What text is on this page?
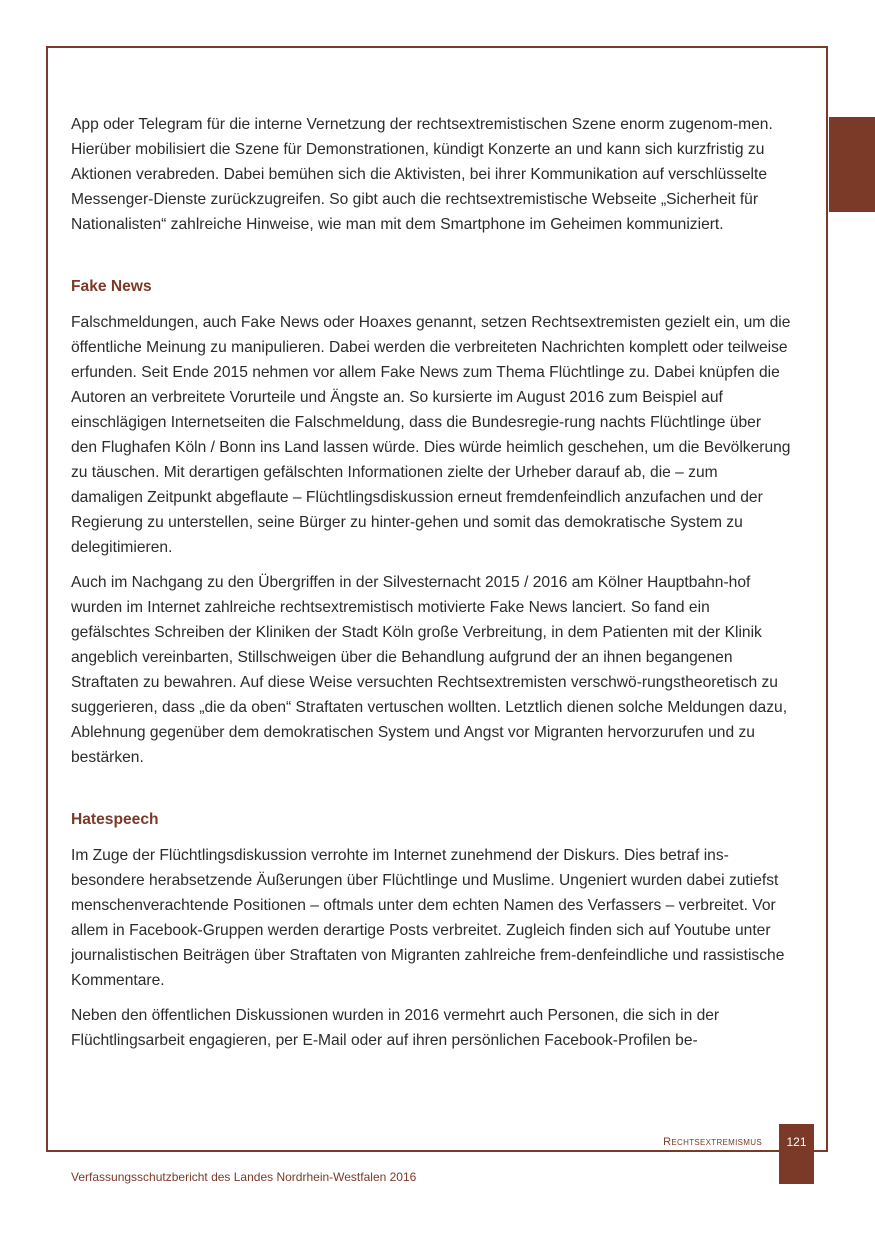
App oder Telegram für die interne Vernetzung der rechtsextremistischen Szene enorm zugenom-men. Hierüber mobilisiert die Szene für Demonstrationen, kündigt Konzerte an und kann sich kurzfristig zu Aktionen verabreden. Dabei bemühen sich die Aktivisten, bei ihrer Kommunikation auf verschlüsselte Messenger-Dienste zurückzugreifen. So gibt auch die rechtsextremistische Webseite „Sicherheit für Nationalisten“ zahlreiche Hinweise, wie man mit dem Smartphone im Geheimen kommuniziert.

Fake News

Falschmeldungen, auch Fake News oder Hoaxes genannt, setzen Rechtsextremisten gezielt ein, um die öffentliche Meinung zu manipulieren. Dabei werden die verbreiteten Nachrichten komplett oder teilweise erfunden. Seit Ende 2015 nehmen vor allem Fake News zum Thema Flüchtlinge zu. Dabei knüpfen die Autoren an verbreitete Vorurteile und Ängste an. So kursierte im August 2016 zum Beispiel auf einschlägigen Internetseiten die Falschmeldung, dass die Bundesregie-rung nachts Flüchtlinge über den Flughafen Köln / Bonn ins Land lassen würde. Dies würde heimlich geschehen, um die Bevölkerung zu täuschen. Mit derartigen gefälschten Informationen zielte der Urheber darauf ab, die – zum damaligen Zeitpunkt abgeflaute – Flüchtlingsdiskussion erneut fremdenfeindlich anzufachen und der Regierung zu unterstellen, seine Bürger zu hinter-gehen und somit das demokratische System zu delegitimieren.

Auch im Nachgang zu den Übergriffen in der Silvesternacht 2015 / 2016 am Kölner Hauptbahn-hof wurden im Internet zahlreiche rechtsextremistisch motivierte Fake News lanciert. So fand ein gefälschtes Schreiben der Kliniken der Stadt Köln große Verbreitung, in dem Patienten mit der Klinik angeblich vereinbarten, Stillschweigen über die Behandlung aufgrund der an ihnen begangenen Straftaten zu bewahren. Auf diese Weise versuchten Rechtsextremisten verschwö-rungstheoretisch zu suggerieren, dass „die da oben“ Straftaten vertuschen wollten. Letztlich dienen solche Meldungen dazu, Ablehnung gegenüber dem demokratischen System und Angst vor Migranten hervorzurufen und zu bestärken.

Hatespeech

Im Zuge der Flüchtlingsdiskussion verrohte im Internet zunehmend der Diskurs. Dies betraf ins-besondere herabsetzende Äußerungen über Flüchtlinge und Muslime. Ungeniert wurden dabei zutiefst menschenverachtende Positionen – oftmals unter dem echten Namen des Verfassers – verbreitet. Vor allem in Facebook-Gruppen werden derartige Posts verbreitet. Zugleich finden sich auf Youtube unter journalistischen Beiträgen über Straftaten von Migranten zahlreiche frem-denfeindliche und rassistische Kommentare.

Neben den öffentlichen Diskussionen wurden in 2016 vermehrt auch Personen, die sich in der Flüchtlingsarbeit engagieren, per E-Mail oder auf ihren persönlichen Facebook-Profilen be-

Rechtsextremismus	121
Verfassungsschutzbericht des Landes Nordrhein-Westfalen 2016
